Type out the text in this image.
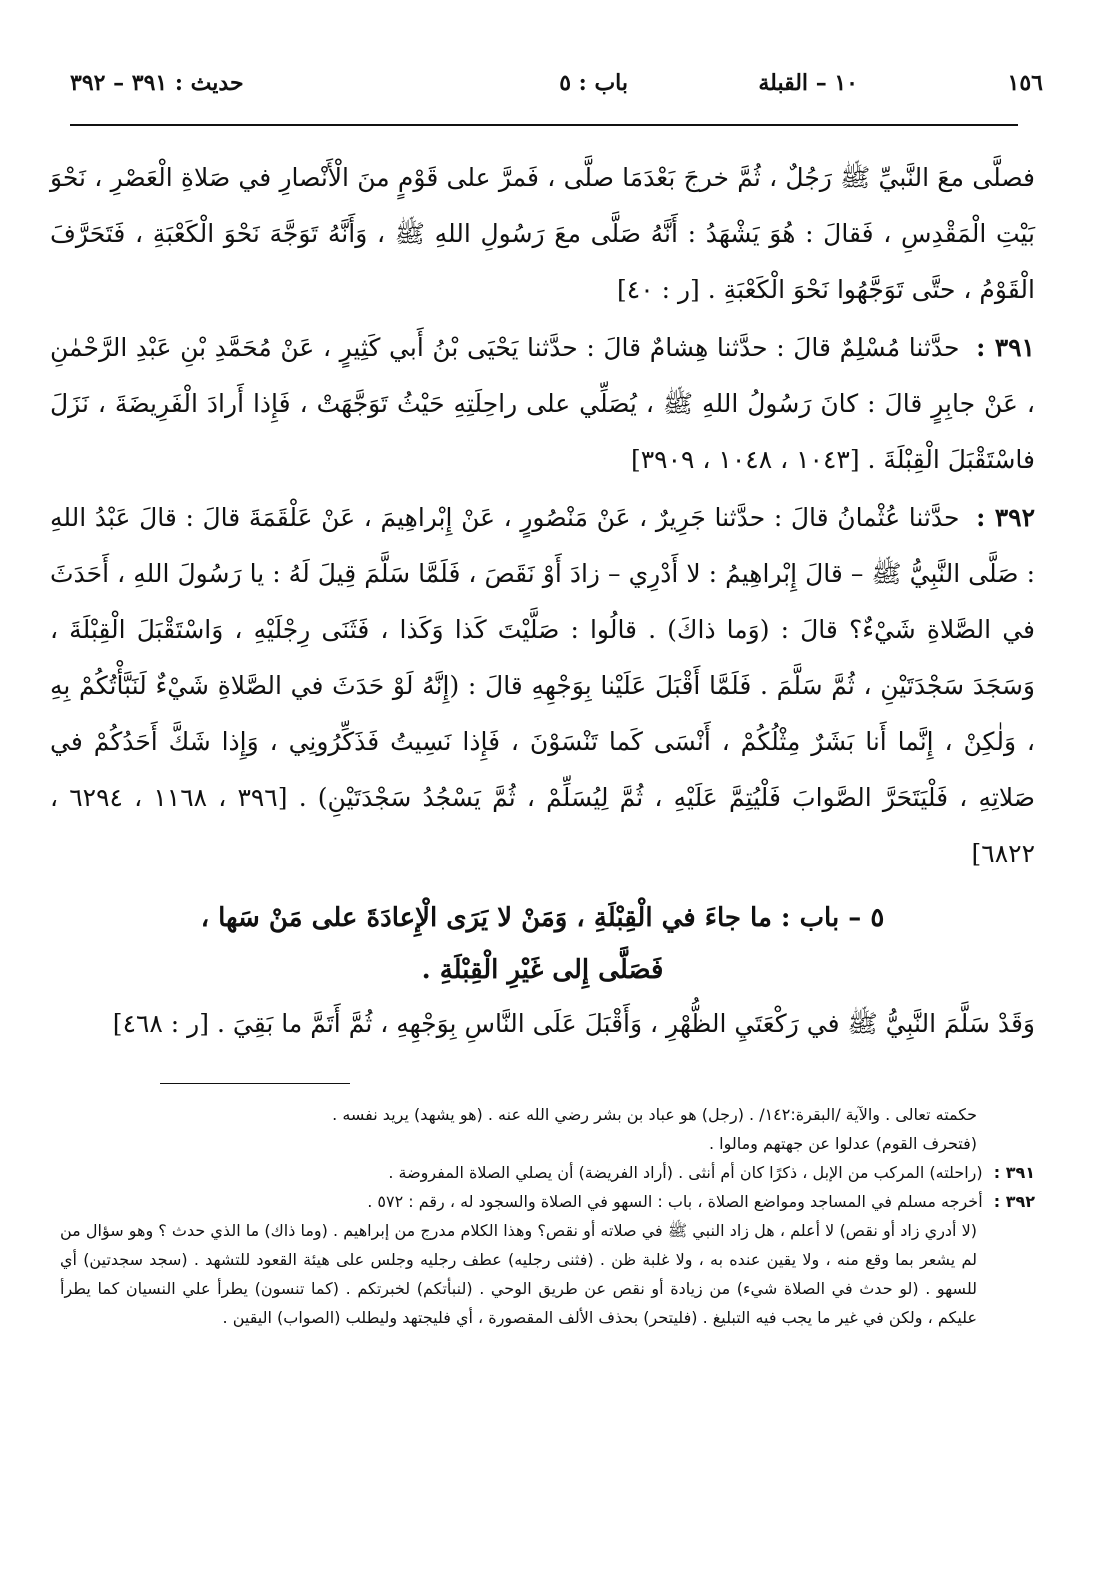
١٥٦
١٠ – القبلة
باب : ٥
حديث : ٣٩١ – ٣٩٢

فصلَّى معَ النَّبيِّ ﷺ رَجُلٌ ، ثُمَّ خرجَ بَعْدَمَا صلَّى ، فَمرَّ على قَوْمٍ منَ الْأَنْصارِ في صَلاةِ الْعَصْرِ ، نَحْوَ بَيْتِ الْمَقْدِسِ ، فَقالَ : هُوَ يَشْهَدُ : أَنَّهُ صَلَّى معَ رَسُولِ اللهِ ﷺ ، وَأَنَّهُ تَوَجَّهَ نَحْوَ الْكَعْبَةِ ، فَتَحَرَّفَ الْقَوْمُ ، حتَّى تَوَجَّهُوا نَحْوَ الْكَعْبَةِ . [ر : ٤٠]

٣٩١ : حدَّثنا مُسْلِمٌ قالَ : حدَّثنا هِشامٌ قالَ : حدَّثنا يَحْيَى بْنُ أَبي كَثِيرٍ ، عَنْ مُحَمَّدِ بْنِ عَبْدِ الرَّحْمٰنِ ، عَنْ جابِرٍ قالَ : كانَ رَسُولُ اللهِ ﷺ ، يُصَلِّي على راحِلَتِهِ حَيْثُ تَوَجَّهَتْ ، فَإِذا أَرادَ الْفَرِيضَةَ ، نَزَلَ فاسْتَقْبَلَ الْقِبْلَةَ . [١٠٤٣ ، ١٠٤٨ ، ٣٩٠٩]

٣٩٢ : حدَّثنا عُثْمانُ قالَ : حدَّثنا جَرِيرٌ ، عَنْ مَنْصُورٍ ، عَنْ إِبْراهِيمَ ، عَنْ عَلْقَمَةَ قالَ : قالَ عَبْدُ اللهِ : صَلَّى النَّبِيُّ ﷺ – قالَ إِبْراهِيمُ : لا أَدْرِي – زادَ أَوْ نَقَصَ ، فَلَمَّا سَلَّمَ قِيلَ لَهُ : يا رَسُولَ اللهِ ، أَحَدَثَ في الصَّلاةِ شَيْءٌ؟ قالَ : (وَما ذاكَ) . قالُوا : صَلَّيْتَ كَذا وَكَذا ، فَثَنَى رِجْلَيْهِ ، وَاسْتَقْبَلَ الْقِبْلَةَ ، وَسَجَدَ سَجْدَتَيْنِ ، ثُمَّ سَلَّمَ . فَلَمَّا أَقْبَلَ عَلَيْنا بِوَجْهِهِ قالَ : (إِنَّهُ لَوْ حَدَثَ في الصَّلاةِ شَيْءٌ لَنَبَّأْتُكُمْ بِهِ ، وَلٰكِنْ ، إِنَّما أَنا بَشَرٌ مِثْلُكُمْ ، أَنْسَى كَما تَنْسَوْنَ ، فَإِذا نَسِيتُ فَذَكِّرُونِي ، وَإِذا شَكَّ أَحَدُكُمْ في صَلاتِهِ ، فَلْيَتَحَرَّ الصَّوابَ فَلْيُتِمَّ عَلَيْهِ ، ثُمَّ لِيُسَلِّمْ ، ثُمَّ يَسْجُدُ سَجْدَتَيْنِ) . [٣٩٦ ، ١١٦٨ ، ٦٢٩٤ ، ٦٨٢٢]

٥ – باب : ما جاءَ في الْقِبْلَةِ ، وَمَنْ لا يَرَى الْإِعادَةَ على مَنْ سَها ،
فَصَلَّى إِلى غَيْرِ الْقِبْلَةِ .

وَقَدْ سَلَّمَ النَّبِيُّ ﷺ في رَكْعَتَيِ الظُّهْرِ ، وَأَقْبَلَ عَلَى النَّاسِ بِوَجْهِهِ ، ثُمَّ أَتَمَّ ما بَقِيَ . [ر : ٤٦٨]

حكمته تعالى . والآية /البقرة:١٤٢/ . (رجل) هو عباد بن بشر رضي الله عنه . (هو يشهد) يريد نفسه .

(فتحرف القوم) عدلوا عن جهتهم ومالوا .

٣٩١ : (راحلته) المركب من الإبل ، ذكرًا كان أم أنثى . (أراد الفريضة) أن يصلي الصلاة المفروضة .

٣٩٢ : أخرجه مسلم في المساجد ومواضع الصلاة ، باب : السهو في الصلاة والسجود له ، رقم : ٥٧٢ .

(لا أدري زاد أو نقص) لا أعلم ، هل زاد النبي ﷺ في صلاته أو نقص؟ وهذا الكلام مدرج من إبراهيم . (وما ذاك) ما الذي حدث ؟ وهو سؤال من لم يشعر بما وقع منه ، ولا يقين عنده به ، ولا غلبة ظن . (فثنى رجليه) عطف رجليه وجلس على هيئة القعود للتشهد . (سجد سجدتين) أي للسهو . (لو حدث في الصلاة شيء) من زيادة أو نقص عن طريق الوحي . (لنبأتكم) لخبرتكم . (كما تنسون) يطرأ علي النسيان كما يطرأ عليكم ، ولكن في غير ما يجب فيه التبليغ . (فليتحر) بحذف الألف المقصورة ، أي فليجتهد وليطلب (الصواب) اليقين .
